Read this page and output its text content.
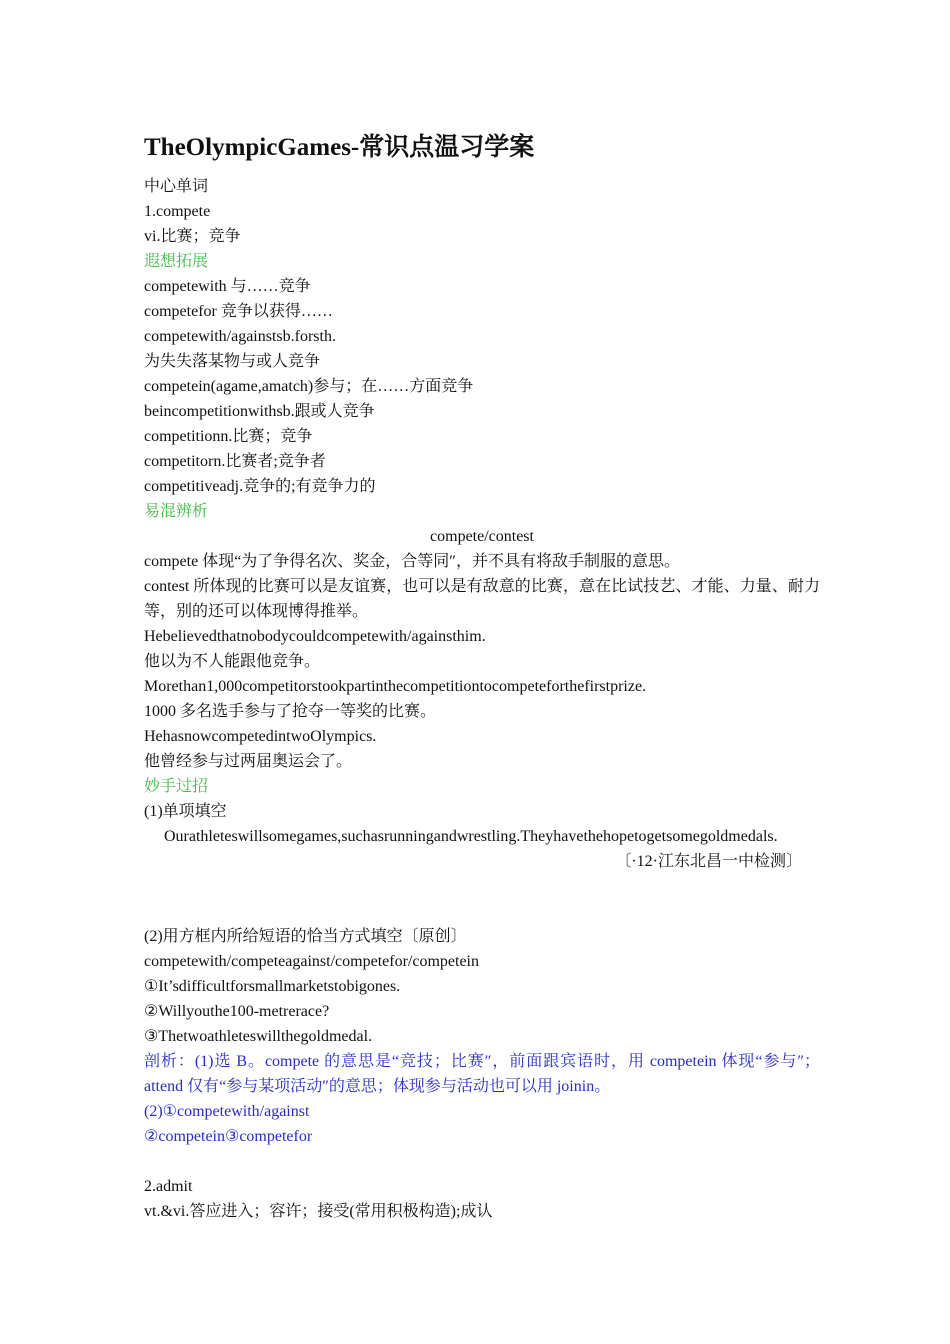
TheOlympicGames-常识点温习学案
中心单词
1.compete
vi.比赛；竞争
遐想拓展
competewith 与……竞争
competefor 竞争以获得……
competewith/againstsb.forsth.
为失失落某物与或人竞争
competein(agame,amatch)参与；在……方面竞争
beincompetitionwithsb.跟或人竞争
competitionn.比赛；竞争
competitorn.比赛者;竞争者
competitiveadj.竞争的;有竞争力的
易混辨析
compete/contest
compete 体现“为了争得名次、奖金，合等同″，并不具有将敌手制服的意思。
contest 所体现的比赛可以是友谊赛，也可以是有敌意的比赛，意在比试技艺、才能、力量、耐力等，别的还可以体现博得推举。
Hebelievedthatnobodycouldcompetewith/againsthim.
他以为不人能跟他竞争。
Morethan1,000competitorstookpartinthecompetitiontocompeteforthefirstprize.
1000 多名选手参与了抢夺一等奖的比赛。
HehasnowcompetedintwoOlympics.
他曾经参与过两届奥运会了。
妙手过招
(1)单项填空
Ourathleteswillsomegames,suchasrunningandwrestling.Theyhavethehopetogetsomegoldmedals.
〔·12·江东北昌一中检测〕
(2)用方框内所给短语的恰当方式填空〔原创〕
competewith/competeagainst/competefor/competein
①It’sdifficultforsmallmarketstobigones.
②Willyouthe100-metrerace?
③Thetwoathleteswillthegoldmedal.
剖析：(1)选 B。compete 的意思是“竞技；比赛″，前面跟宾语时，用 competein 体现“参与″；attend 仅有“参与某项活动″的意思；体现参与活动也可以用 joinin。
(2)①competewith/against
②competein③competefor
2.admit
vt.&vi.答应进入；容许；接受(常用积极构造);成认
